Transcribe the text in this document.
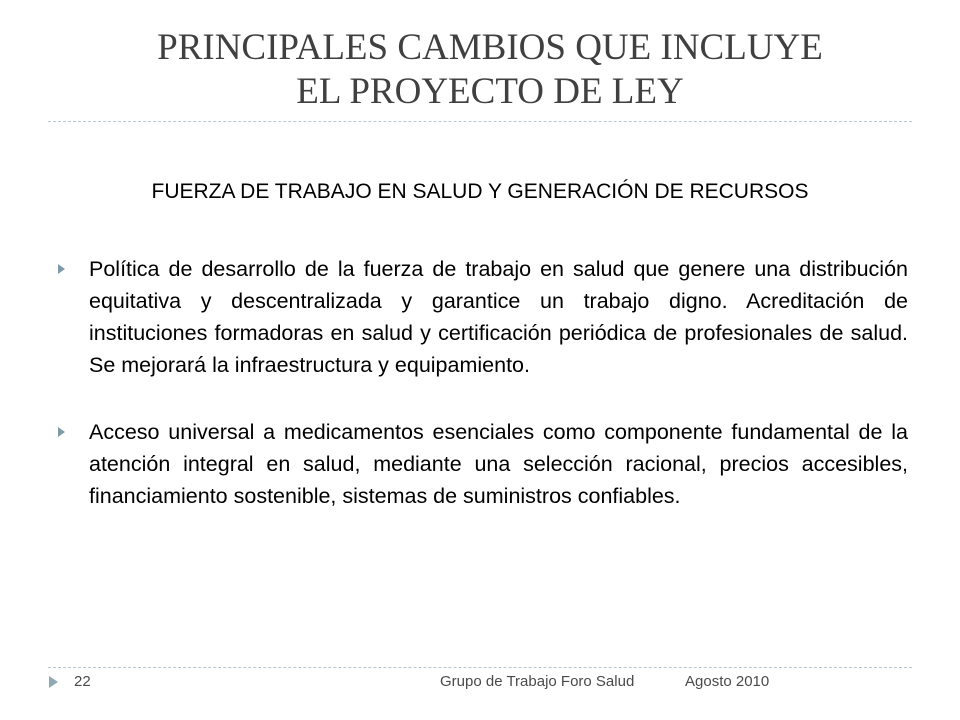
PRINCIPALES CAMBIOS QUE INCLUYE
EL PROYECTO DE LEY
FUERZA DE TRABAJO EN SALUD Y GENERACIÓN DE RECURSOS
Política de desarrollo de la fuerza de trabajo en salud que genere una distribución equitativa y descentralizada y garantice un trabajo digno. Acreditación de instituciones formadoras en salud y certificación periódica de profesionales de salud. Se mejorará la infraestructura y equipamiento.
Acceso universal a medicamentos esenciales como componente fundamental de la atención integral en salud, mediante una selección racional, precios accesibles, financiamiento sostenible, sistemas de suministros confiables.
22	Grupo de Trabajo Foro Salud	Agosto 2010
